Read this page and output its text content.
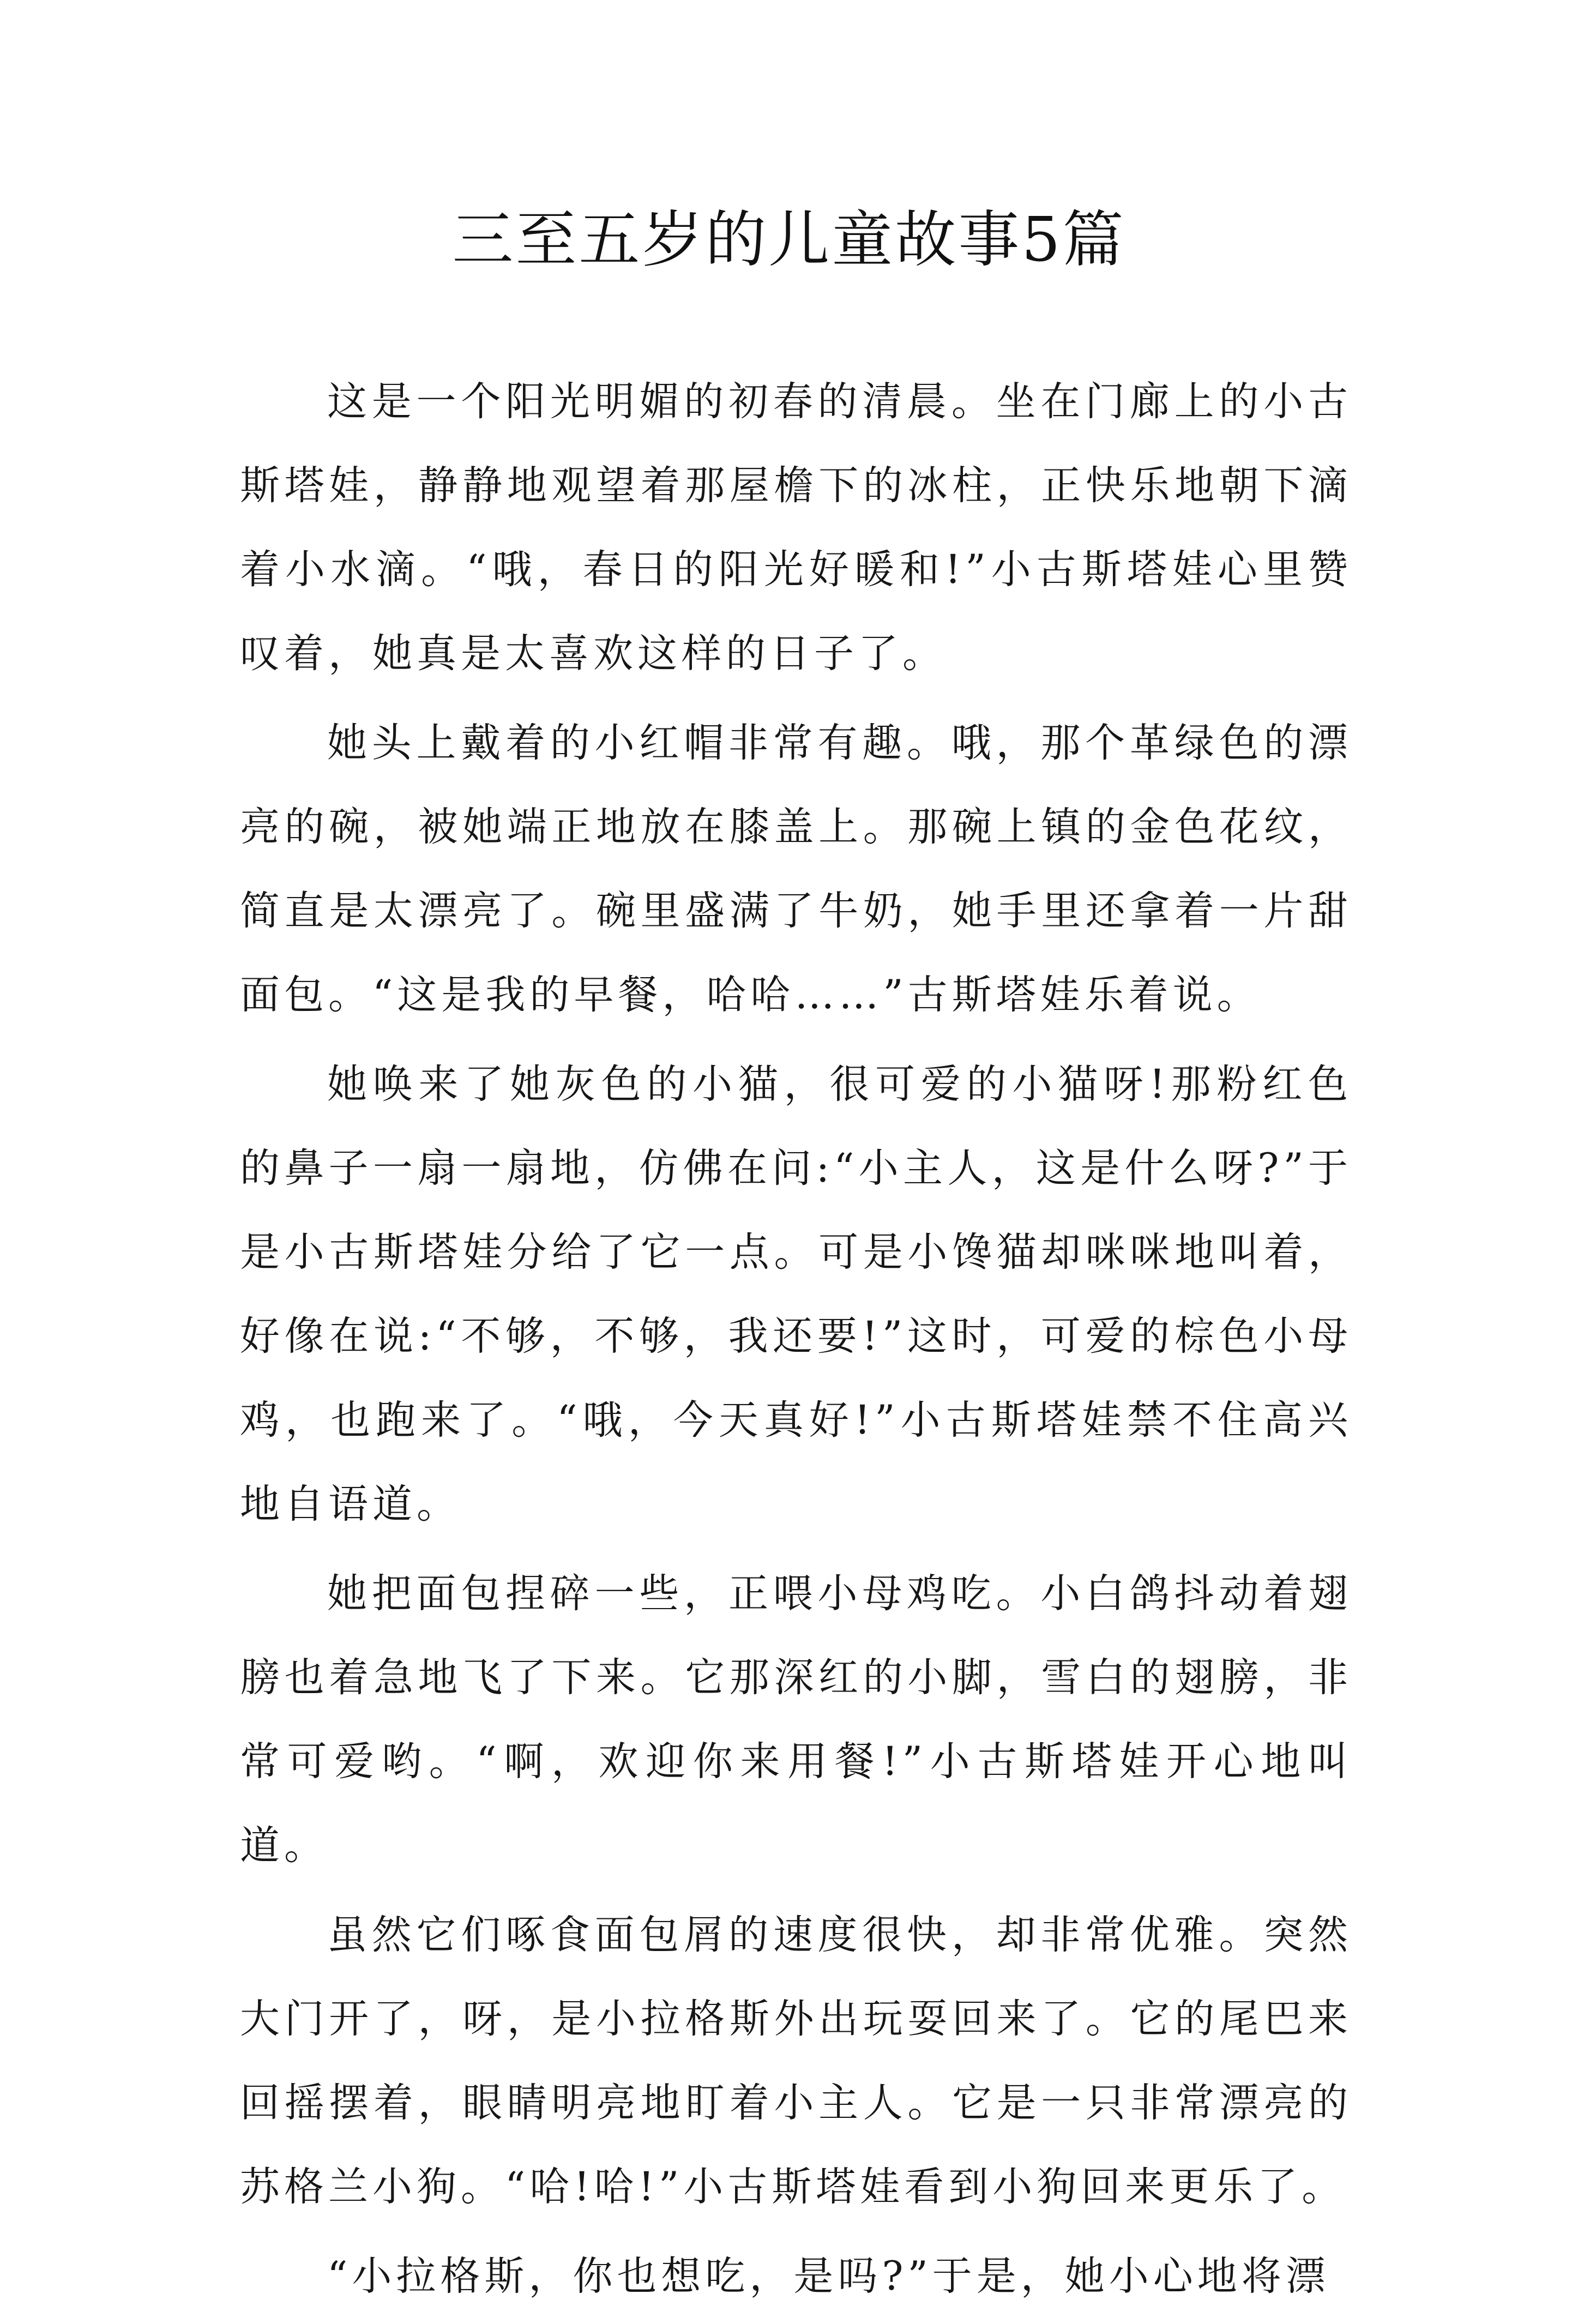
三至五岁的儿童故事5篇

这是一个阳光明媚的初春的清晨。坐在门廊上的小古斯塔娃，静静地观望着那屋檐下的冰柱，正快乐地朝下滴着小水滴。“哦，春日的阳光好暖和!”小古斯塔娃心里赞叹着，她真是太喜欢这样的日子了。

她头上戴着的小红帽非常有趣。哦，那个革绿色的漂亮的碗，被她端正地放在膝盖上。那碗上镇的金色花纹，简直是太漂亮了。碗里盛满了牛奶，她手里还拿着一片甜面包。“这是我的早餐，哈哈……”古斯塔娃乐着说。

她唤来了她灰色的小猫，很可爱的小猫呀!那粉红色的鼻子一扇一扇地，仿佛在问:“小主人，这是什么呀?”于是小古斯塔娃分给了它一点。可是小馋猫却咪咪地叫着，好像在说:“不够，不够，我还要!”这时，可爱的棕色小母鸡，也跑来了。“哦，今天真好!”小古斯塔娃禁不住高兴地自语道。

她把面包捏碎一些，正喂小母鸡吃。小白鸽抖动着翅膀也着急地飞了下来。它那深红的小脚，雪白的翅膀，非常可爱哟。“啊，欢迎你来用餐!”小古斯塔娃开心地叫道。

虽然它们啄食面包屑的速度很快，却非常优雅。突然大门开了，呀，是小拉格斯外出玩耍回来了。它的尾巴来回摇摆着，眼睛明亮地盯着小主人。它是一只非常漂亮的苏格兰小狗。“哈!哈!”小古斯塔娃看到小狗回来更乐了。

“小拉格斯，你也想吃，是吗?”于是，她小心地将漂
